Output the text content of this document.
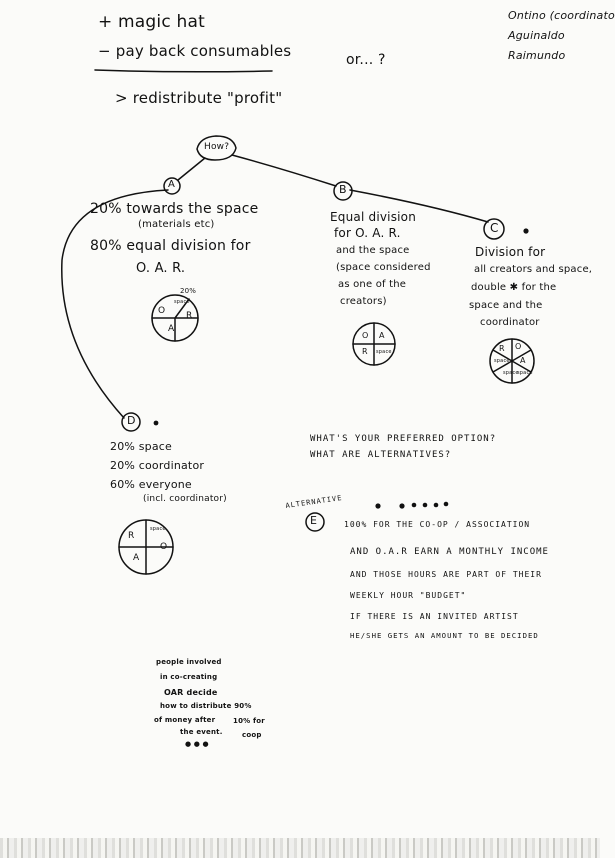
+ magic hat
− pay back consumables	or... ?
> redistribute "profit"
Ontino (coordinato
Aguinaldo
Raimundo
How?
A	B
C
D
20% towards the space
(materials etc)
80% equal division for
O. A. R.
20%
O
A
R
space
Equal division
for O. A. R.
and the space
(space considered
as one of the
creators)
O A
R space
Division for
all creators and space,
double ✱ for the
space and the
coordinator
R O
A
space
space
space
20% space
20% coordinator
60% everyone
(incl. coordinator)
R
space
O
A
WHAT'S YOUR PREFERRED OPTION?
WHAT ARE ALTERNATIVES?
ALTERNATIVE
E	100% FOR THE CO-OP / ASSOCIATION
AND O.A.R EARN A MONTHLY INCOME
AND THOSE HOURS ARE PART OF THEIR
WEEKLY HOUR "BUDGET"
IF THERE IS AN INVITED ARTIST
HE/SHE GETS AN AMOUNT TO BE DECIDED
people involved
in co-creating
OAR decide
how to distribute 90%
of money after
the event.
10% for
coop
● ● ●
